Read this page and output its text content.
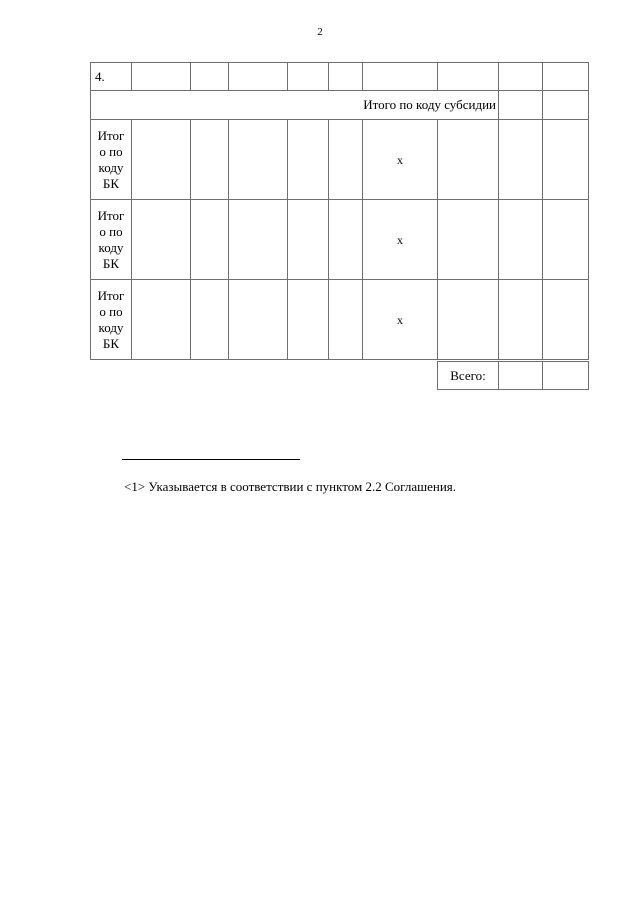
2
4.									
Итого по коду субсидии									
Итог
о по
коду
БК						x			
Итог
о по
коду
БК						x			
Итог
о по
коду
БК						x			
Всего:		
<1> Указывается в соответствии с пунктом 2.2 Соглашения.
